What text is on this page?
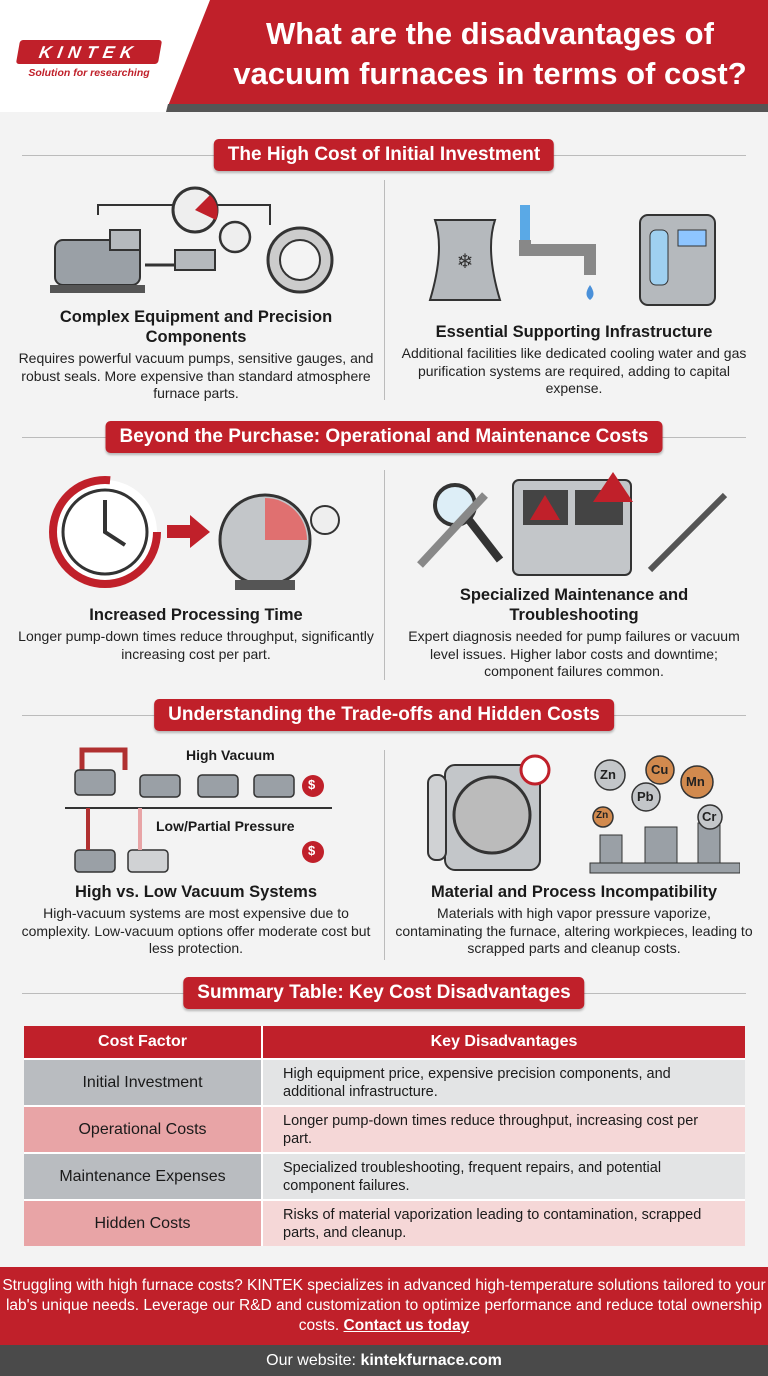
KINTEK
Solution for researching
What are the disadvantages of vacuum furnaces in terms of cost?
The High Cost of Initial Investment
Complex Equipment and Precision Components

Requires powerful vacuum pumps, sensitive gauges, and robust seals. More expensive than standard atmosphere furnace parts.

❄
Essential Supporting Infrastructure

Additional facilities like dedicated cooling water and gas purification systems are required, adding to capital expense.

Beyond the Purchase: Operational and Maintenance Costs
Increased Processing Time

Longer pump-down times reduce throughput, significantly increasing cost per part.

Specialized Maintenance and Troubleshooting

Expert diagnosis needed for pump failures or vacuum level issues. Higher labor costs and downtime; component failures common.

Understanding the Trade-offs and Hidden Costs
High Vacuum
Low/Partial Pressure
$
$
High vs. Low Vacuum Systems

High-vacuum systems are most expensive due to complexity. Low-vacuum options offer moderate cost but less protection.

Zn	Cu
Mn
Pb
Zn	Cr
Material and Process Incompatibility

Materials with high vapor pressure vaporize, contaminating the furnace, altering workpieces, leading to scrapped parts and cleanup costs.

Summary Table: Key Cost Disadvantages
Cost Factor	Key Disadvantages
Initial Investment	High equipment price, expensive precision components, and additional infrastructure.
Operational Costs	Longer pump-down times reduce throughput, increasing cost per part.
Maintenance Expenses	Specialized troubleshooting, frequent repairs, and potential component failures.
Hidden Costs	Risks of material vaporization leading to contamination, scrapped parts, and cleanup.
Struggling with high furnace costs? KINTEK specializes in advanced high-temperature solutions tailored to your lab's unique needs. Leverage our R&D and customization to optimize performance and reduce total ownership costs. Contact us today
Our website: kintekfurnace.com
